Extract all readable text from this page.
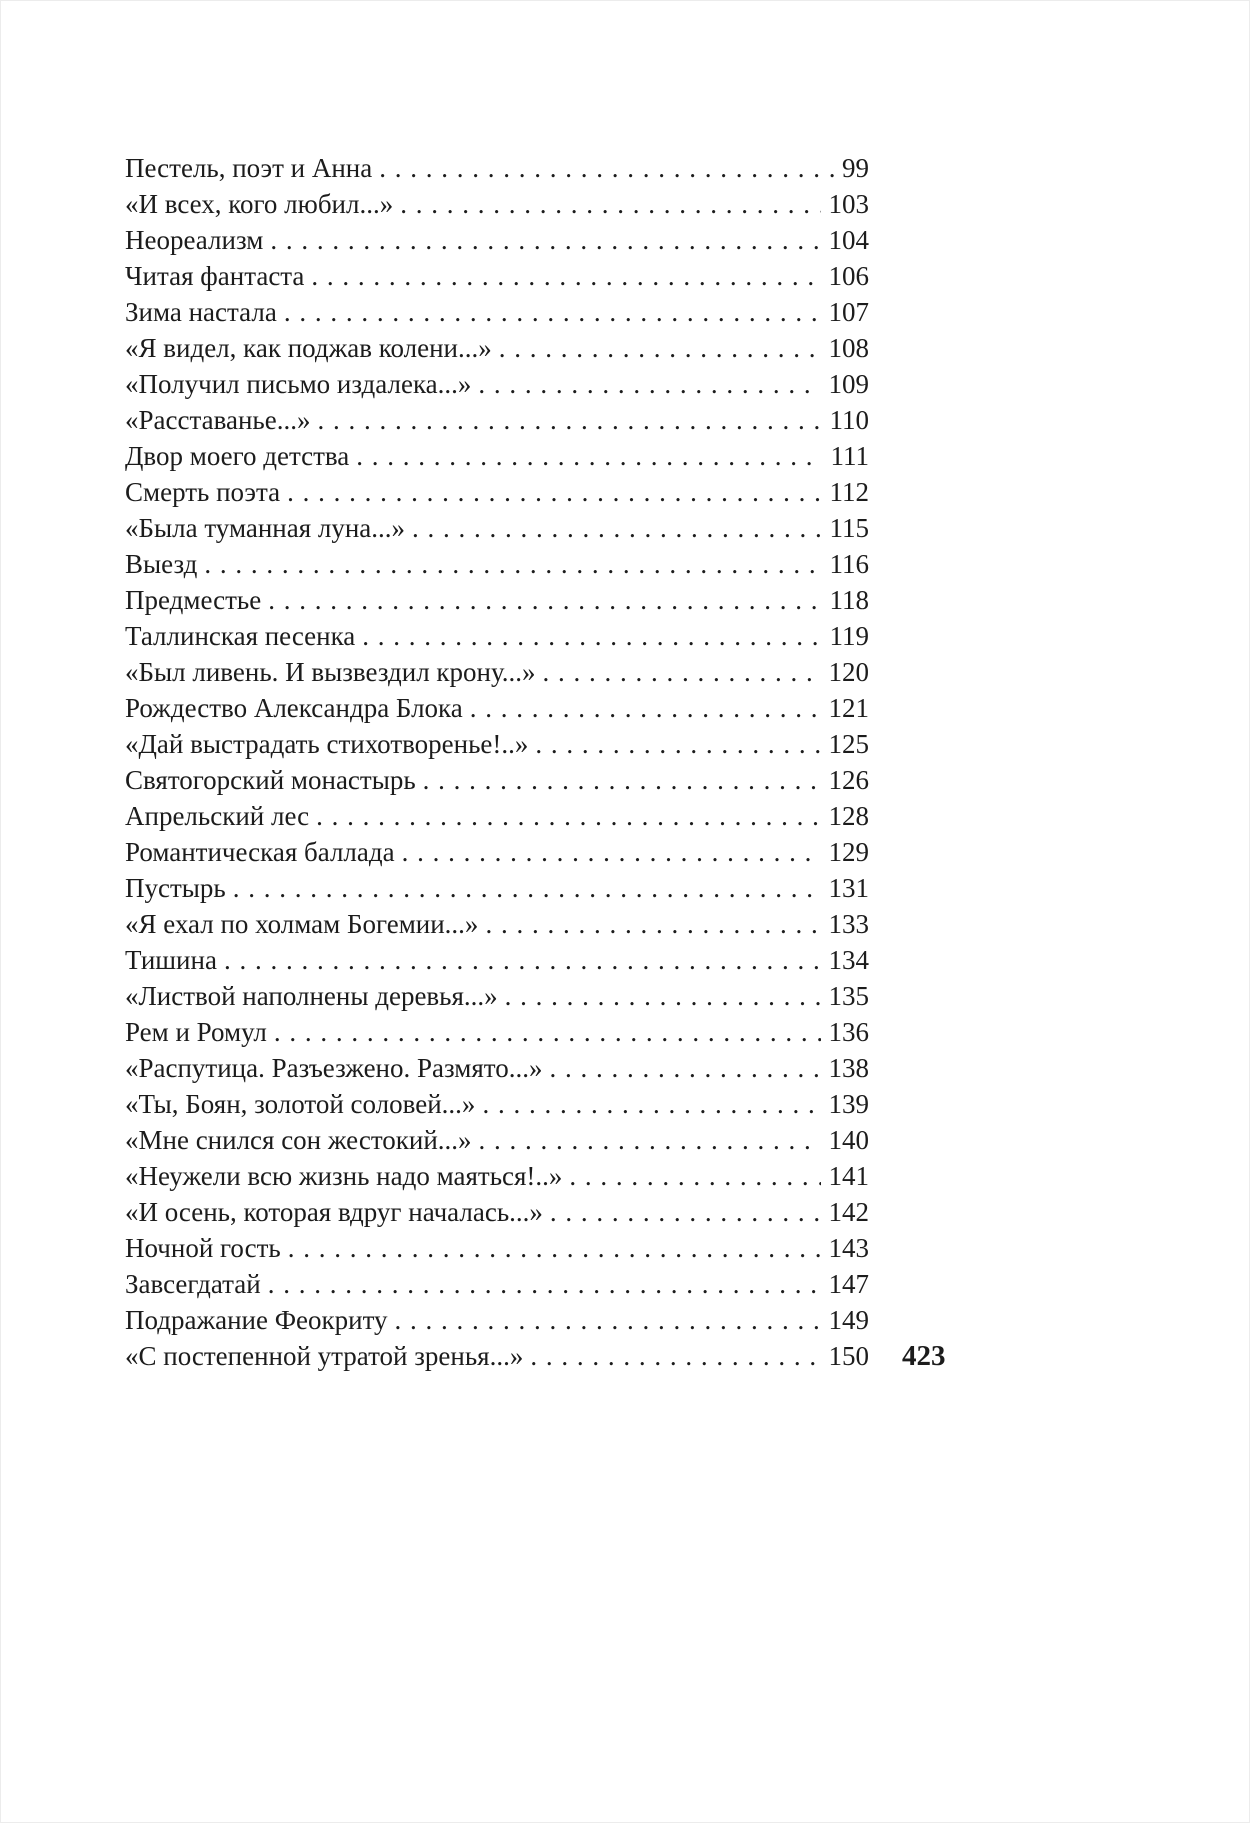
Пестель, поэт и Анна . . .	99
«И всех, кого любил...» . . .	103
Неореализм . . .	104
Читая фантаста . . .	106
Зима настала . . .	107
«Я видел, как поджав колени...» . . .	108
«Получил письмо издалека...» . . .	109
«Расставанье...» . . .	110
Двор моего детства . . .	111
Смерть поэта . . .	112
«Была туманная луна...» . . .	115
Выезд . . .	116
Предместье . . .	118
Таллинская песенка . . .	119
«Был ливень. И вызвездил крону...» . . .	120
Рождество Александра Блока . . .	121
«Дай выстрадать стихотворенье!..» . . .	125
Святогорский монастырь . . .	126
Апрельский лес . . .	128
Романтическая баллада . . .	129
Пустырь . . .	131
«Я ехал по холмам Богемии...» . . .	133
Тишина . . .	134
«Листвой наполнены деревья...» . . .	135
Рем и Ромул . . .	136
«Распутица. Разъезжено. Размято...» . . .	138
«Ты, Боян, золотой соловей...» . . .	139
«Мне снился сон жестокий...» . . .	140
«Неужели всю жизнь надо маяться!..» . . .	141
«И осень, которая вдруг началась...» . . .	142
Ночной гость . . .	143
Завсегдатай . . .	147
Подражание Феокриту . . .	149
«С постепенной утратой зренья...» . . .	150 423
